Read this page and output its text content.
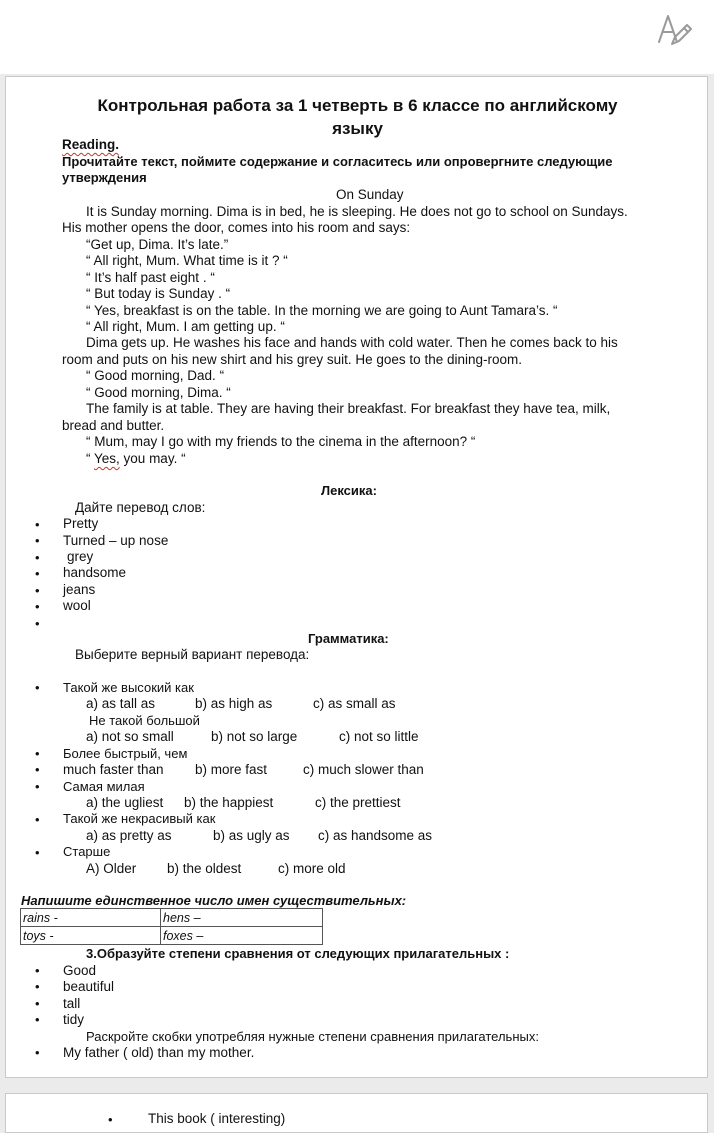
Контрольная работа за 1 четверть в 6 классе по английскому
языку
Reading.
Прочитайте текст, поймите содержание и согласитесь или опровергните следующие
утверждения
On Sunday
It is Sunday morning. Dima is in bed, he is sleeping. He does not go to school on Sundays.
His mother opens the door, comes into his room and says:
“Get up, Dima. It’s late.”
“ All right, Mum. What time is it ? “
“ It’s half past eight . “
“ But today is Sunday . “
“ Yes, breakfast is on the table. In the morning we are going to Aunt Tamara’s. “
“ All right, Mum. I am getting up. “
Dima gets up. He washes his face and hands with cold water. Then he comes back to his
room and puts on his new shirt and his grey suit. He goes to the dining-room.
“ Good morning, Dad. “
“ Good morning, Dima. “
The family is at table. They are having their breakfast. For breakfast they have tea, milk,
bread and butter.
“ Mum, may I go with my friends to the cinema in the afternoon? “
“ Yes, you may. “
Лексика:
Дайте перевод слов:
• Pretty
• Turned – up nose
• grey
• handsome
• jeans
• wool
•
Грамматика:
Выберите верный вариант перевода:
• Такой же высокий как
a) as tall as	b) as high as	c) as small as
Не такой большой
a) not so small	b) not so large	c) not so little
• Более быстрый, чем
• much faster than b) more fast	c) much slower than
• Самая милая
a) the ugliest b) the happiest	c) the prettiest
• Такой же некрасивый как
a) as pretty as	b) as ugly as c) as handsome as
• Старше
A) Older b) the oldest	c) more old
Напишите единственное число имен существительных:
rains -	hens –
toys -	foxes –
3.Образуйте степени сравнения от следующих прилагательных :
• Good
• beautiful
• tall
• tidy
Раскройте скобки употребляя нужные степени сравнения прилагательных:
• My father ( old) than my mother.
•	This book ( interesting)
